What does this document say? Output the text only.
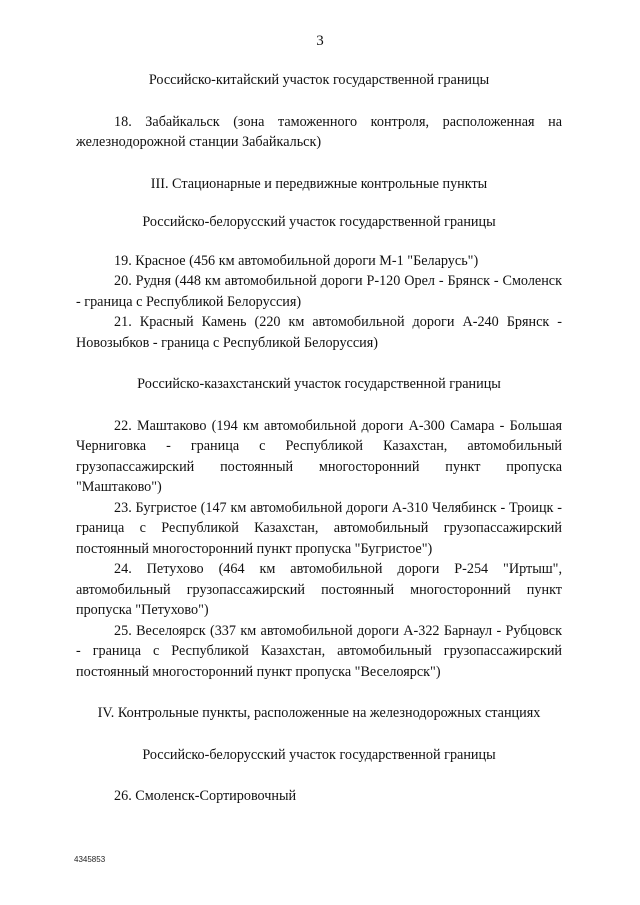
3

Российско-китайский участок государственной границы

18. Забайкальск (зона таможенного контроля, расположенная на железнодорожной станции Забайкальск)

III. Стационарные и передвижные контрольные пункты

Российско-белорусский участок государственной границы

19. Красное (456 км автомобильной дороги М-1 "Беларусь")

20. Рудня (448 км автомобильной дороги Р-120 Орел - Брянск - Смоленск - граница с Республикой Белоруссия)

21. Красный Камень (220 км автомобильной дороги А-240 Брянск - Новозыбков - граница с Республикой Белоруссия)

Российско-казахстанский участок государственной границы

22. Маштаково (194 км автомобильной дороги А-300 Самара - Большая Черниговка - граница с Республикой Казахстан, автомобильный грузопассажирский постоянный многосторонний пункт пропуска "Маштаково")

23. Бугристое (147 км автомобильной дороги А-310 Челябинск - Троицк - граница с Республикой Казахстан, автомобильный грузопассажирский постоянный многосторонний пункт пропуска "Бугристое")

24. Петухово (464 км автомобильной дороги Р-254 "Иртыш", автомобильный грузопассажирский постоянный многосторонний пункт пропуска "Петухово")

25. Веселоярск (337 км автомобильной дороги А-322 Барнаул - Рубцовск - граница с Республикой Казахстан, автомобильный грузопассажирский постоянный многосторонний пункт пропуска "Веселоярск")

IV. Контрольные пункты, расположенные на железнодорожных станциях

Российско-белорусский участок государственной границы

26. Смоленск-Сортировочный

4345853
